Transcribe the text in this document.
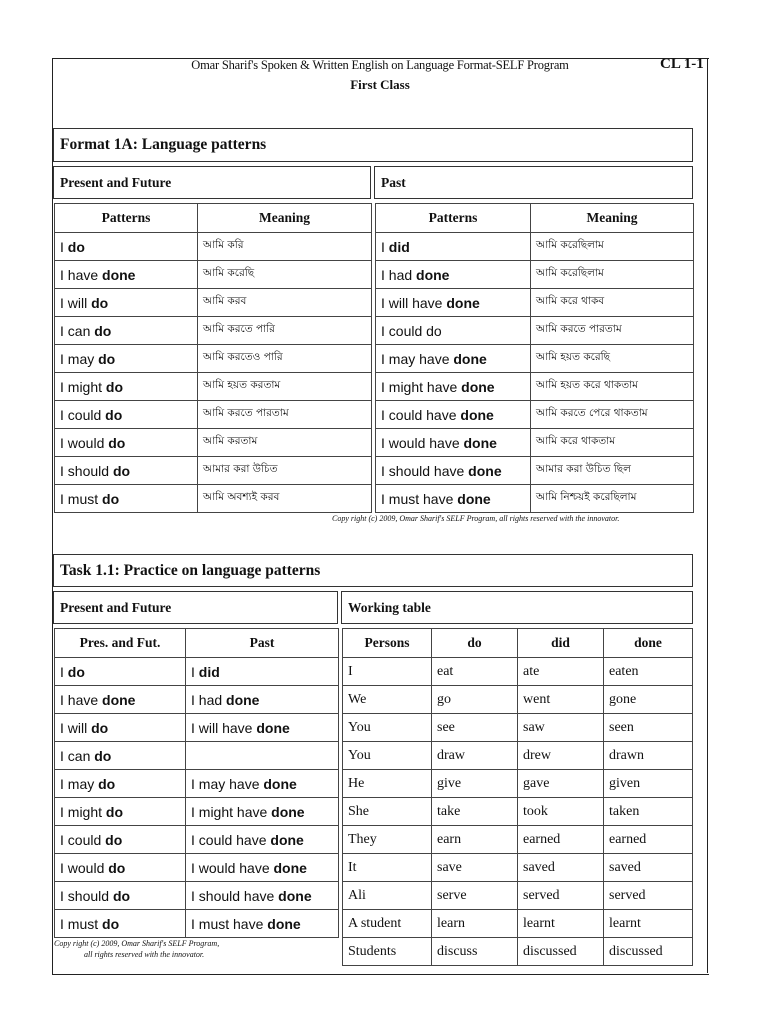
Omar Sharif's Spoken & Written English on Language Format-SELF Program	CL 1-1
First Class
Format 1A: Language patterns
Present and Future	Past
Patterns	Meaning
I do	আমি করি
I have done	আমি করেছি
I will do	আমি করব
I can do	আমি করতে পারি
I may do	আমি করতেও পারি
I might do	আমি হয়ত করতাম
I could do	আমি করতে পারতাম
I would do	আমি করতাম
I should do	আমার করা উচিত
I must do	আমি অবশ্যই করব
Patterns	Meaning
I did	আমি করেছিলাম
I had done	আমি করেছিলাম
I will have done	আমি করে থাকব
I could do	আমি করতে পারতাম
I may have done	আমি হয়ত করেছি
I might have done	আমি হয়ত করে থাকতাম
I could have done	আমি করতে পেরে থাকতাম
I would have done	আমি করে থাকতাম
I should have done	আমার করা উচিত ছিল
I must have done	আমি নিশ্চয়ই করেছিলাম
Copy right (c) 2009, Omar Sharif's SELF Program, all rights reserved with the innovator.
Task 1.1: Practice on language patterns
Present and Future	Working table
Pres. and Fut.	Past
I do	I did
I have done	I had done
I will do	I will have done
I can do	
I may do	I may have done
I might do	I might have done
I could do	I could have done
I would do	I would have done
I should do	I should have done
I must do	I must have done
Persons	do	did	done
I	eat	ate	eaten
We	go	went	gone
You	see	saw	seen
You	draw	drew	drawn
He	give	gave	given
She	take	took	taken
They	earn	earned	earned
It	save	saved	saved
Ali	serve	served	served
A student	learn	learnt	learnt
Students	discuss	discussed	discussed
Copy right (c) 2009, Omar Sharif's SELF Program,
all rights reserved with the innovator.
